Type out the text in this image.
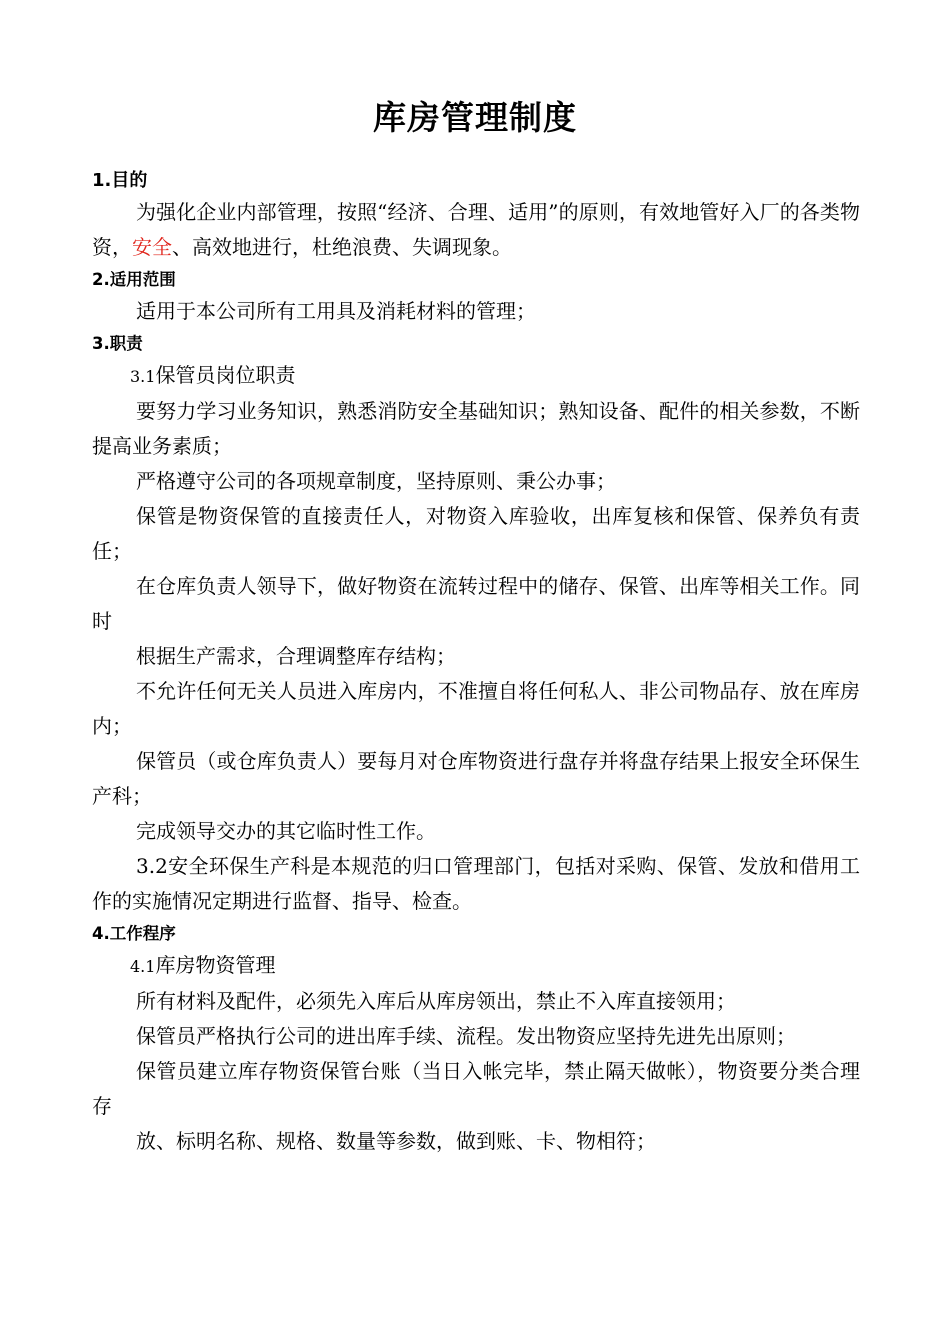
库房管理制度
1.目的

为强化企业内部管理，按照“经济、合理、适用”的原则，有效地管好入厂的各类物资，安全、高效地进行，杜绝浪费、失调现象。

2.适用范围

适用于本公司所有工用具及消耗材料的管理；

3.职责
3.1保管员岗位职责

要努力学习业务知识，熟悉消防安全基础知识；熟知设备、配件的相关参数，不断提高业务素质；

严格遵守公司的各项规章制度，坚持原则、秉公办事；

保管是物资保管的直接责任人，对物资入库验收，出库复核和保管、保养负有责任；

在仓库负责人领导下，做好物资在流转过程中的储存、保管、出库等相关工作。同时

根据生产需求，合理调整库存结构；

不允许任何无关人员进入库房内，不准擅自将任何私人、非公司物品存、放在库房内；

保管员（或仓库负责人）要每月对仓库物资进行盘存并将盘存结果上报安全环保生产科；

完成领导交办的其它临时性工作。

3.2安全环保生产科是本规范的归口管理部门，包括对采购、保管、发放和借用工作的实施情况定期进行监督、指导、检查。

4.工作程序
4.1库房物资管理

所有材料及配件，必须先入库后从库房领出，禁止不入库直接领用；

保管员严格执行公司的进出库手续、流程。发出物资应坚持先进先出原则；

保管员建立库存物资保管台账（当日入帐完毕，禁止隔天做帐），物资要分类合理存

放、标明名称、规格、数量等参数，做到账、卡、物相符；
